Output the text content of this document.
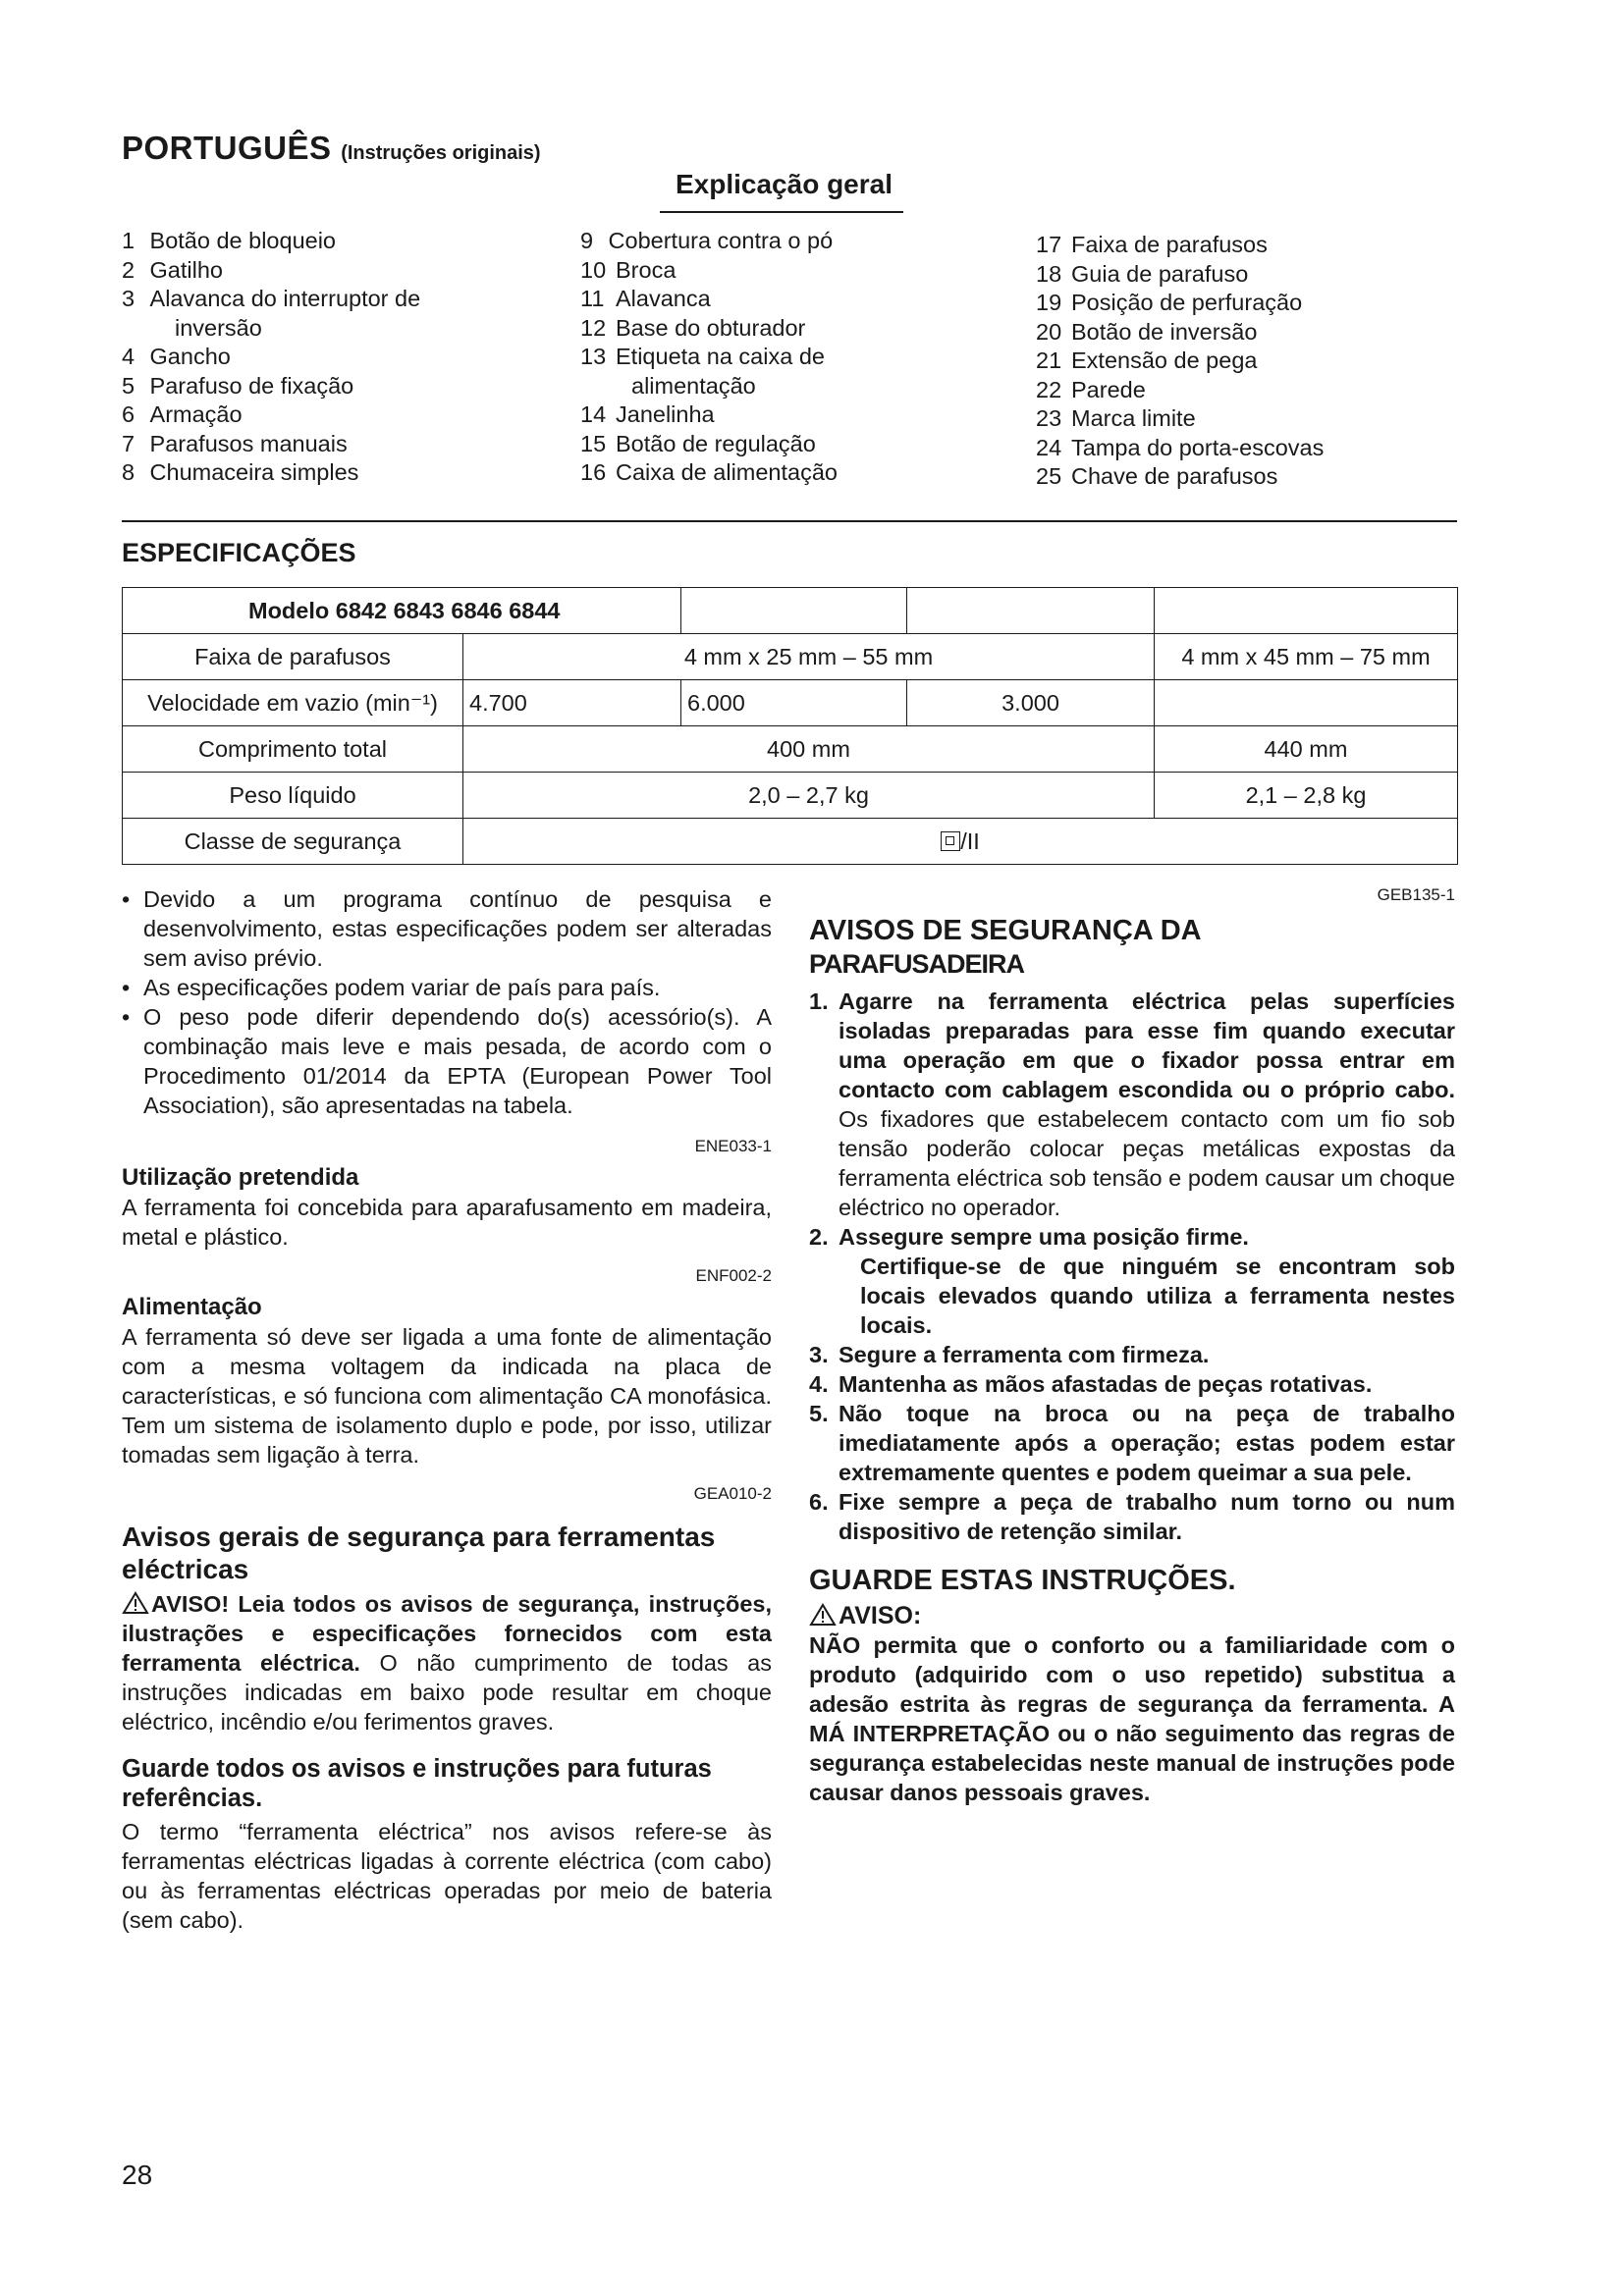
PORTUGUÊS (Instruções originais)
Explicação geral
1
Botão de bloqueio
2
Gatilho
3
Alavanca do interruptor de
inversão
4
Gancho
5
Parafuso de fixação
6
Armação
7
Parafusos manuais
8
Chumaceira simples
9
Cobertura contra o pó
10 Broca
11 Alavanca
12 Base do obturador
13 Etiqueta na caixa de
alimentação
14 Janelinha
15 Botão de regulação
16 Caixa de alimentação
17 Faixa de parafusos
18 Guia de parafuso
19 Posição de perfuração
20 Botão de inversão
21 Extensão de pega
22 Parede
23 Marca limite
24 Tampa do porta-escovas
25 Chave de parafusos
ESPECIFICAÇÕES
Modelo 6842 6843 6846 6844				
Faixa de parafusos	4 mm x 25 mm – 55 mm			4 mm x 45 mm – 75 mm
Velocidade em vazio (min⁻¹)	4.700	6.000	3.000	
Comprimento total	400 mm			440 mm
Peso líquido	2,0 – 2,7 kg			2,1 – 2,8 kg
Classe de segurança	/II			
• Devido a um programa contínuo de pesquisa e desenvolvimento, estas especificações podem ser alteradas sem aviso prévio.
• As especificações podem variar de país para país.
• O peso pode diferir dependendo do(s) acessório(s). A combinação mais leve e mais pesada, de acordo com o Procedimento 01/2014 da EPTA (European Power Tool Association), são apresentadas na tabela.
ENE033-1
Utilização pretendida
A ferramenta foi concebida para aparafusamento em madeira, metal e plástico.
ENF002-2
Alimentação
A ferramenta só deve ser ligada a uma fonte de alimentação com a mesma voltagem da indicada na placa de características, e só funciona com alimentação CA monofásica. Tem um sistema de isolamento duplo e pode, por isso, utilizar tomadas sem ligação à terra.
GEA010-2
Avisos gerais de segurança para ferramentas eléctricas
AVISO! Leia todos os avisos de segurança, instruções, ilustrações e especificações fornecidos com esta ferramenta eléctrica. O não cumprimento de todas as instruções indicadas em baixo pode resultar em choque eléctrico, incêndio e/ou ferimentos graves.
Guarde todos os avisos e instruções para futuras referências.
O termo “ferramenta eléctrica” nos avisos refere-se às ferramentas eléctricas ligadas à corrente eléctrica (com cabo) ou às ferramentas eléctricas operadas por meio de bateria (sem cabo).
GEB135-1
AVISOS DE SEGURANÇA DA
PARAFUSADEIRA
1. Agarre na ferramenta eléctrica pelas superfícies isoladas preparadas para esse fim quando executar uma operação em que o fixador possa entrar em contacto com cablagem escondida ou o próprio cabo. Os fixadores que estabelecem contacto com um fio sob tensão poderão colocar peças metálicas expostas da ferramenta eléctrica sob tensão e podem causar um choque eléctrico no operador.
2. Assegure sempre uma posição firme.
Certifique-se de que ninguém se encontram sob locais elevados quando utiliza a ferramenta nestes locais.
3. Segure a ferramenta com firmeza.
4. Mantenha as mãos afastadas de peças rotativas.
5. Não toque na broca ou na peça de trabalho imediatamente após a operação; estas podem estar extremamente quentes e podem queimar a sua pele.
6. Fixe sempre a peça de trabalho num torno ou num dispositivo de retenção similar.
GUARDE ESTAS INSTRUÇÕES.
AVISO:
NÃO permita que o conforto ou a familiaridade com o produto (adquirido com o uso repetido) substitua a adesão estrita às regras de segurança da ferramenta. A MÁ INTERPRETAÇÃO ou o não seguimento das regras de segurança estabelecidas neste manual de instruções pode causar danos pessoais graves.
28
